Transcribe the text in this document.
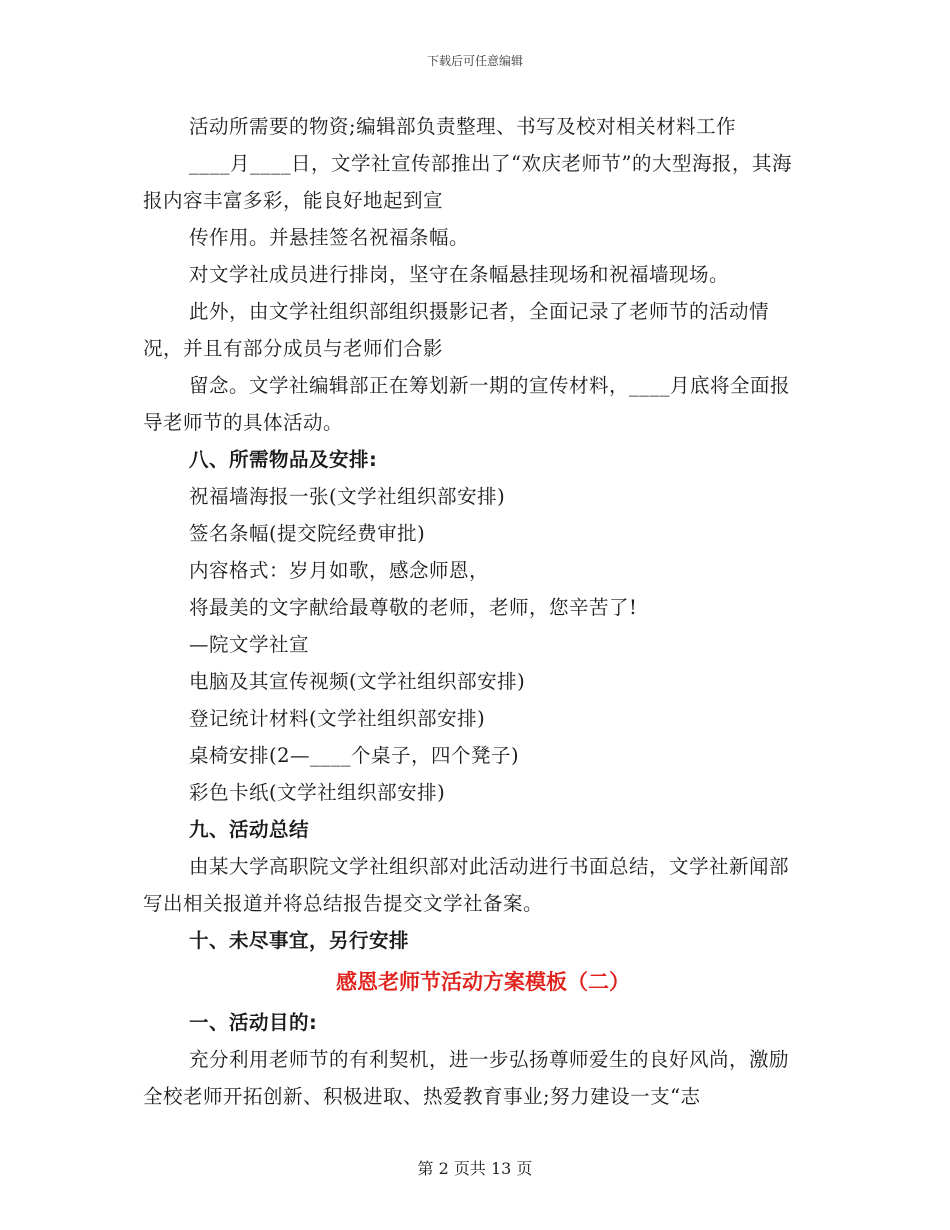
下载后可任意编辑

活动所需要的物资;编辑部负责整理、书写及校对相关材料工作

____月____日，文学社宣传部推出了“欢庆老师节”的大型海报，其海报内容丰富多彩，能良好地起到宣

传作用。并悬挂签名祝福条幅。

对文学社成员进行排岗，坚守在条幅悬挂现场和祝福墙现场。

此外，由文学社组织部组织摄影记者，全面记录了老师节的活动情况，并且有部分成员与老师们合影

留念。文学社编辑部正在筹划新一期的宣传材料，____月底将全面报导老师节的具体活动。

八、所需物品及安排:

祝福墙海报一张(文学社组织部安排)

签名条幅(提交院经费审批)

内容格式：岁月如歌，感念师恩，

将最美的文字献给最尊敬的老师，老师，您辛苦了!

—院文学社宣

电脑及其宣传视频(文学社组织部安排)

登记统计材料(文学社组织部安排)

桌椅安排(2—____个桌子，四个凳子)

彩色卡纸(文学社组织部安排)

九、活动总结

由某大学高职院文学社组织部对此活动进行书面总结，文学社新闻部写出相关报道并将总结报告提交文学社备案。

十、未尽事宜，另行安排

感恩老师节活动方案模板（二）

一、活动目的:

充分利用老师节的有利契机，进一步弘扬尊师爱生的良好风尚，激励全校老师开拓创新、积极进取、热爱教育事业;努力建设一支“志

第 2 页共 13 页
